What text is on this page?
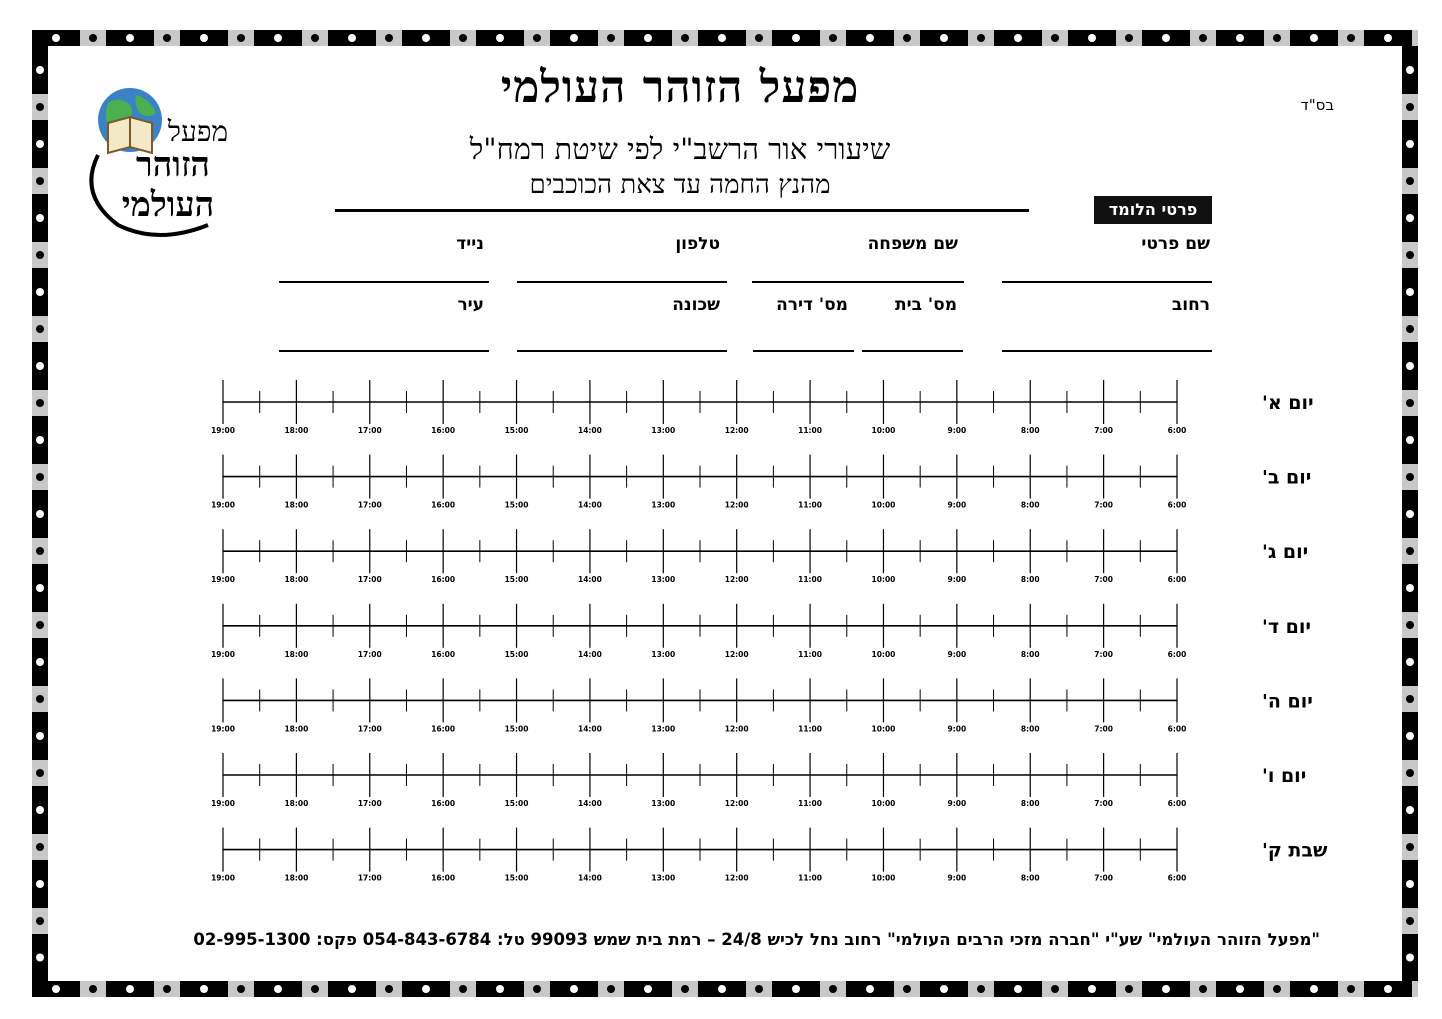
בס"ד
מפעל הזוהר העולמי
שיעורי אור הרשב"י לפי שיטת רמח"ל
מהנץ החמה עד צאת הכוכבים
פרטי הלומד
מפעל
הזוהר
העולמי
שם פרטי
שם משפחה
טלפון
נייד
רחוב
מס' בית
מס' דירה
שכונה
עיר
6:00
7:00
8:00
9:00
10:00
11:00
12:00
13:00
14:00
15:00
16:00
17:00
18:00
19:00
יום א'
6:00
7:00
8:00
9:00
10:00
11:00
12:00
13:00
14:00
15:00
16:00
17:00
18:00
19:00
יום ב'
6:00
7:00
8:00
9:00
10:00
11:00
12:00
13:00
14:00
15:00
16:00
17:00
18:00
19:00
יום ג'
6:00
7:00
8:00
9:00
10:00
11:00
12:00
13:00
14:00
15:00
16:00
17:00
18:00
19:00
יום ד'
6:00
7:00
8:00
9:00
10:00
11:00
12:00
13:00
14:00
15:00
16:00
17:00
18:00
19:00
יום ה'
6:00
7:00
8:00
9:00
10:00
11:00
12:00
13:00
14:00
15:00
16:00
17:00
18:00
19:00
יום ו'
6:00
7:00
8:00
9:00
10:00
11:00
12:00
13:00
14:00
15:00
16:00
17:00
18:00
19:00
שבת ק'
"מפעל הזוהר העולמי" שע"י "חברה מזכי הרבים העולמי" רחוב נחל לכיש 24/8 – רמת בית שמש 99093 טל: 054-843-6784 פקס: 02-995-1300
